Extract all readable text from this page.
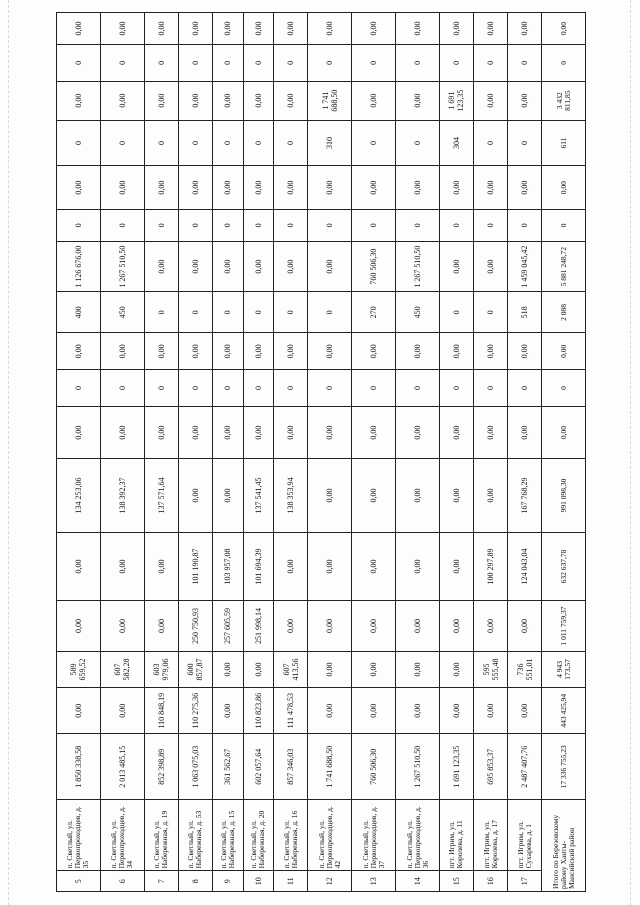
5	п. Светлый, ул. Первопроходцев, д. 35	1 850 338,58	0,00	589 659,52	0,00	0,00	134 253,06	0,00	0	0,00	400	1 126 676,00	0	0,00	0	0,00	0	0,00
6	п. Светлый, ул. Первопроходцев, д. 34	2 013 485,15	0,00	607 582,28	0,00	0,00	138 392,37	0,00	0	0,00	450	1 267 510,50	0	0,00	0	0,00	0	0,00
7	п. Светлый, ул. Набережная, д. 19	852 398,89	110 848,19	603 979,06	0,00	0,00	137 571,64	0,00	0	0,00	0	0,00	0	0,00	0	0,00	0	0,00
8	п. Светлый, ул. Набережная, д. 53	1 063 075,03	110 275,36	600 857,87	250 750,93	101 190,87	0,00	0,00	0	0,00	0	0,00	0	0,00	0	0,00	0	0,00
9	п. Светлый, ул. Набережная, д. 15	361 562,67	0,00	0,00	257 605,59	103 957,08	0,00	0,00	0	0,00	0	0,00	0	0,00	0	0,00	0	0,00
10	п. Светлый, ул. Набережная, д. 20	602 057,64	110 823,86	0,00	251 998,14	101 694,39	137 541,45	0,00	0	0,00	0	0,00	0	0,00	0	0,00	0	0,00
11	п. Светлый, ул. Набережная, д. 16	857 346,03	111 478,53	607 413,56	0,00	0,00	138 353,94	0,00	0	0,00	0	0,00	0	0,00	0	0,00	0	0,00
12	п. Светлый, ул. Первопроходцев, д. 42	1 741 688,50	0,00	0,00	0,00	0,00	0,00	0,00	0	0,00	0	0,00	0	0,00	310	1 741 688,50	0	0,00
13	п. Светлый, ул. Первопроходцев, д. 37	760 506,30	0,00	0,00	0,00	0,00	0,00	0,00	0	0,00	270	760 506,30	0	0,00	0	0,00	0	0,00
14	п. Светлый, ул. Первопроходцев, д. 36	1 267 510,50	0,00	0,00	0,00	0,00	0,00	0,00	0	0,00	450	1 267 510,50	0	0,00	0	0,00	0	0,00
15	пгт. Игрим, ул. Королева, д. 11	1 691 123,35	0,00	0,00	0,00	0,00	0,00	0,00	0	0,00	0	0,00	0	0,00	304	1 691 123,35	0	0,00
16	пгт. Игрим, ул. Королева, д. 17	695 853,37	0,00	595 555,48	0,00	100 297,89	0,00	0,00	0	0,00	0	0,00	0	0,00	0	0,00	0	0,00
17	пгт. Игрим, ул. Сухарева, д. 1	2 487 407,76	0,00	736 551,01	0,00	124 043,04	167 768,29	0,00	0	0,00	518	1 459 045,42	0	0,00	0	0,00	0	0,00
Итого по Березовскому району Ханты-Мансийский район		17 336 755,23	443 425,94	4 943 173,57	1 011 759,37	632 637,78	991 098,30	0,00	0	0,00	2 088	5 881 248,72	0	0,00	611	3 432 811,85	0	0,00
